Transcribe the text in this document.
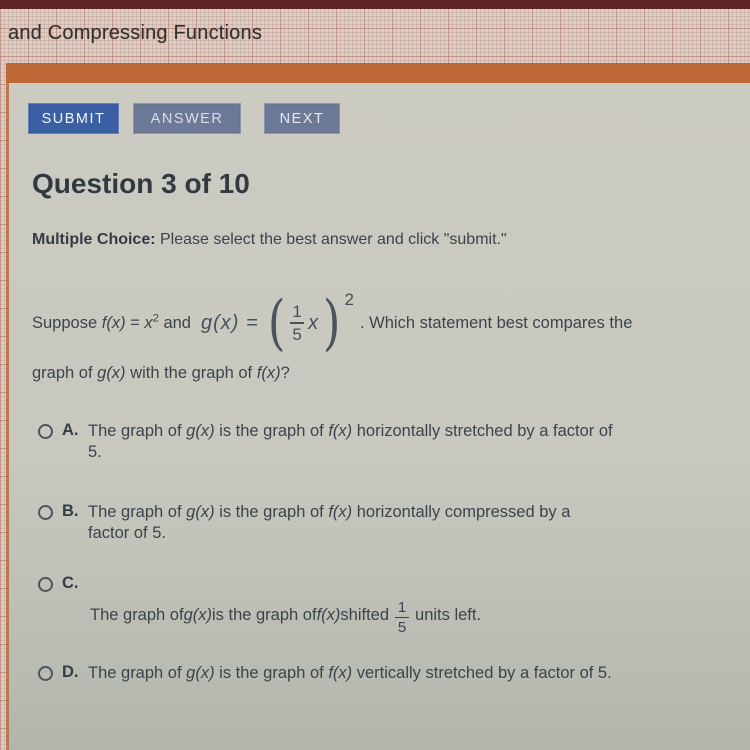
and Compressing Functions
SUBMIT	ANSWER	NEXT
Question 3 of 10
Multiple Choice: Please select the best answer and click "submit."
Suppose $f(x) = x^2$ and g(x) = ( $\frac{1}{5}$ x ) 2
. Which statement best compares the
graph of g(x) with the graph of f(x)?
A. The graph of g(x) is the graph of f(x) horizontally stretched by a factor of
5.
B. The graph of g(x) is the graph of f(x) horizontally compressed by a
factor of 5.
C.
The graph of g(x) is the graph of f(x) shifted $\frac{1}{5}$ units left.
D. The graph of g(x) is the graph of f(x) vertically stretched by a factor of 5.
